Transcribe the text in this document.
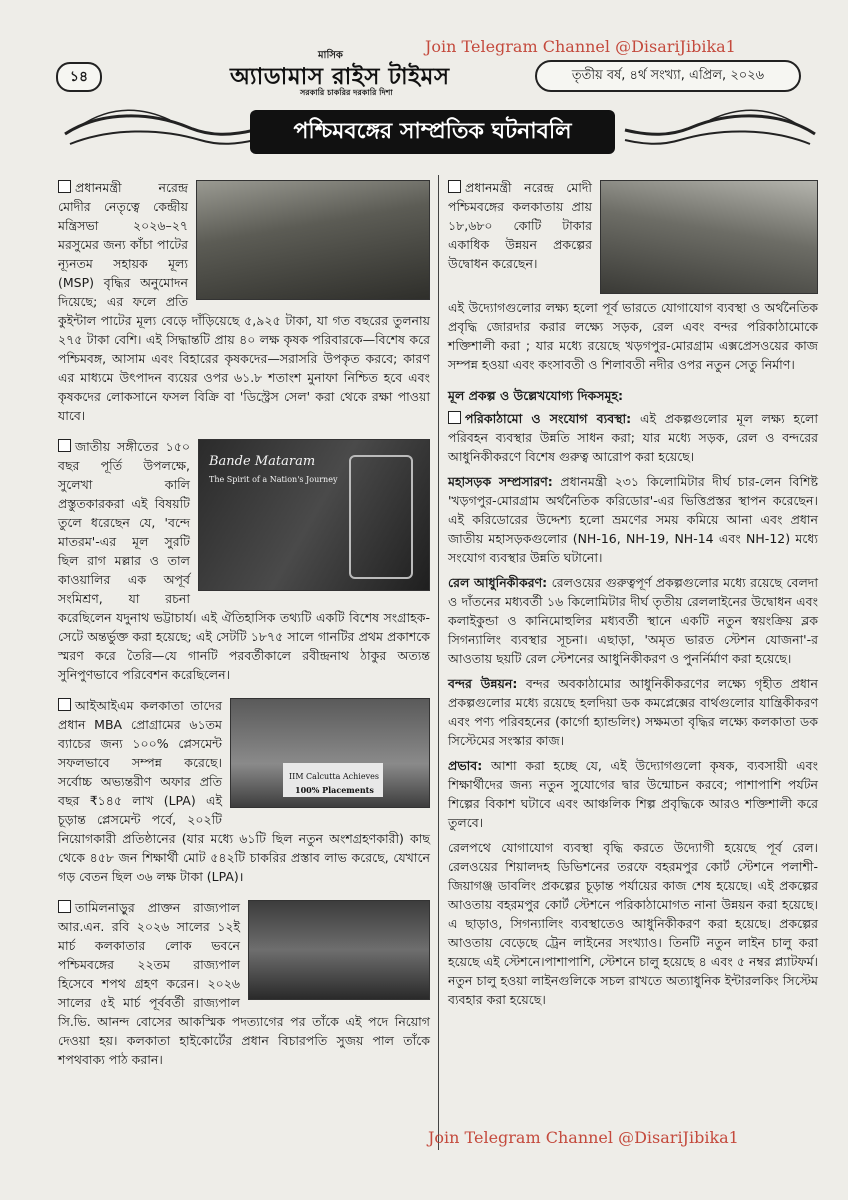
১৪
মাসিক
অ্যাডামাস রাইস টাইমস
সরকারি চাকরির দরকারি দিশা
Join Telegram Channel @DisariJibika1
তৃতীয় বর্ষ, ৪র্থ সংখ্যা, এপ্রিল, ২০২৬
পশ্চিমবঙ্গের সাম্প্রতিক ঘটনাবলি

প্রধানমন্ত্রী নরেন্দ্র মোদীর নেতৃত্বে কেন্দ্রীয় মন্ত্রিসভা ২০২৬–২৭ মরসুমের জন্য কাঁচা পাটের ন্যূনতম সহায়ক মূল্য (MSP) বৃদ্ধির অনুমোদন দিয়েছে; এর ফলে প্রতি কুইন্টাল পাটের মূল্য বেড়ে দাঁড়িয়েছে ৫,৯২৫ টাকা, যা গত বছরের তুলনায় ২৭৫ টাকা বেশি। এই সিদ্ধান্তটি প্রায় ৪০ লক্ষ কৃষক পরিবারকে—বিশেষ করে পশ্চিমবঙ্গ, আসাম এবং বিহারের কৃষকদের—সরাসরি উপকৃত করবে; কারণ এর মাধ্যমে উৎপাদন ব্যয়ের ওপর ৬১.৮ শতাংশ মুনাফা নিশ্চিত হবে এবং কৃষকদের লোকসানে ফসল বিক্রি বা 'ডিস্ট্রেস সেল' করা থেকে রক্ষা পাওয়া যাবে।

Bande Mataram
The Spirit of a Nation's Journey

জাতীয় সঙ্গীতের ১৫০ বছর পূর্তি উপলক্ষে, সুলেখা কালি প্রস্তুতকারকরা এই বিষয়টি তুলে ধরেছেন যে, 'বন্দে মাতরম'-এর মূল সুরটি ছিল রাগ মল্লার ও তাল কাওয়ালির এক অপূর্ব সংমিশ্রণ, যা রচনা করেছিলেন যদুনাথ ভট্টাচার্য। এই ঐতিহাসিক তথ্যটি একটি বিশেষ সংগ্রাহক-সেটে অন্তর্ভুক্ত করা হয়েছে; এই সেটটি ১৮৭৫ সালে গানটির প্রথম প্রকাশকে স্মরণ করে তৈরি—যে গানটি পরবর্তীকালে রবীন্দ্রনাথ ঠাকুর অত্যন্ত সুনিপুণভাবে পরিবেশন করেছিলেন।

IIM Calcutta Achieves
100% Placements

আইআইএম কলকাতা তাদের প্রধান MBA প্রোগ্রামের ৬১তম ব্যাচের জন্য ১০০% প্লেসমেন্ট সফলভাবে সম্পন্ন করেছে। সর্বোচ্চ অভ্যন্তরীণ অফার প্রতি বছর ₹১৪৫ লাখ (LPA) এই চূড়ান্ত প্লেসমেন্ট পর্বে, ২০২টি নিয়োগকারী প্রতিষ্ঠানের (যার মধ্যে ৬১টি ছিল নতুন অংশগ্রহণকারী) কাছ থেকে ৪৫৮ জন শিক্ষার্থী মোট ৫৪২টি চাকরির প্রস্তাব লাভ করেছে, যেখানে গড় বেতন ছিল ৩৬ লক্ষ টাকা (LPA)।

তামিলনাড়ুর প্রাক্তন রাজ্যপাল আর.এন. রবি ২০২৬ সালের ১২ই মার্চ কলকাতার লোক ভবনে পশ্চিমবঙ্গের ২২তম রাজ্যপাল হিসেবে শপথ গ্রহণ করেন। ২০২৬ সালের ৫ই মার্চ পূর্ববর্তী রাজ্যপাল সি.ভি. আনন্দ বোসের আকস্মিক পদত্যাগের পর তাঁকে এই পদে নিয়োগ দেওয়া হয়। কলকাতা হাইকোর্টের প্রধান বিচারপতি সুজয় পাল তাঁকে শপথবাক্য পাঠ করান।

প্রধানমন্ত্রী নরেন্দ্র মোদী পশ্চিমবঙ্গের কলকাতায় প্রায় ১৮,৬৮০ কোটি টাকার একাধিক উন্নয়ন প্রকল্পের উদ্বোধন করেছেন।

এই উদ্যোগগুলোর লক্ষ্য হলো পূর্ব ভারতে যোগাযোগ ব্যবস্থা ও অর্থনৈতিক প্রবৃদ্ধি জোরদার করার লক্ষ্যে সড়ক, রেল এবং বন্দর পরিকাঠামোকে শক্তিশালী করা ; যার মধ্যে রয়েছে খড়গপুর-মোরগ্রাম এক্সপ্রেসওয়ের কাজ সম্পন্ন হওয়া এবং কংসাবতী ও শিলাবতী নদীর ওপর নতুন সেতু নির্মাণ।

মূল প্রকল্প ও উল্লেখযোগ্য দিকসমূহ:

পরিকাঠামো ও সংযোগ ব্যবস্থা: এই প্রকল্পগুলোর মূল লক্ষ্য হলো পরিবহন ব্যবস্থার উন্নতি সাধন করা; যার মধ্যে সড়ক, রেল ও বন্দরের আধুনিকীকরণে বিশেষ গুরুত্ব আরোপ করা হয়েছে।

মহাসড়ক সম্প্রসারণ: প্রধানমন্ত্রী ২৩১ কিলোমিটার দীর্ঘ চার-লেন বিশিষ্ট 'খড়গপুর-মোরগ্রাম অর্থনৈতিক করিডোর'-এর ভিত্তিপ্রস্তর স্থাপন করেছেন। এই করিডোরের উদ্দেশ্য হলো ভ্রমণের সময় কমিয়ে আনা এবং প্রধান জাতীয় মহাসড়কগুলোর (NH-16, NH-19, NH-14 এবং NH-12) মধ্যে সংযোগ ব্যবস্থার উন্নতি ঘটানো।

রেল আধুনিকীকরণ: রেলওয়ের গুরুত্বপূর্ণ প্রকল্পগুলোর মধ্যে রয়েছে বেলদা ও দাঁতনের মধ্যবর্তী ১৬ কিলোমিটার দীর্ঘ তৃতীয় রেললাইনের উদ্বোধন এবং কলাইকুন্ডা ও কানিমোহুলির মধ্যবর্তী স্থানে একটি নতুন স্বয়ংক্রিয় ব্লক সিগন্যালিং ব্যবস্থার সূচনা। এছাড়া, 'অমৃত ভারত স্টেশন যোজনা'-র আওতায় ছয়টি রেল স্টেশনের আধুনিকীকরণ ও পুনর্নির্মাণ করা হয়েছে।

বন্দর উন্নয়ন: বন্দর অবকাঠামোর আধুনিকীকরণের লক্ষ্যে গৃহীত প্রধান প্রকল্পগুলোর মধ্যে রয়েছে হলদিয়া ডক কমপ্লেক্সের বার্থগুলোর যান্ত্রিকীকরণ এবং পণ্য পরিবহনের (কার্গো হ্যান্ডলিং) সক্ষমতা বৃদ্ধির লক্ষ্যে কলকাতা ডক সিস্টেমের সংস্কার কাজ।

প্রভাব: আশা করা হচ্ছে যে, এই উদ্যোগগুলো কৃষক, ব্যবসায়ী এবং শিক্ষার্থীদের জন্য নতুন সুযোগের দ্বার উন্মোচন করবে; পাশাপাশি পর্যটন শিল্পের বিকাশ ঘটাবে এবং আঞ্চলিক শিল্প প্রবৃদ্ধিকে আরও শক্তিশালী করে তুলবে।

রেলপথে যোগাযোগ ব্যবস্থা বৃদ্ধি করতে উদ্যোগী হয়েছে পূর্ব রেল। রেলওয়ের শিয়ালদহ ডিভিশনের তরফে বহরমপুর কোর্ট স্টেশনে পলাশী-জিয়াগঞ্জ ডাবলিং প্রকল্পের চূড়ান্ত পর্যায়ের কাজ শেষ হয়েছে। এই প্রকল্পের আওতায় বহরমপুর কোর্ট স্টেশনে পরিকাঠামোগত নানা উন্নয়ন করা হয়েছে। এ ছাড়াও, সিগন্যালিং ব্যবস্থাতেও আধুনিকীকরণ করা হয়েছে। প্রকল্পের আওতায় বেড়েছে ট্রেন লাইনের সংখ্যাও। তিনটি নতুন লাইন চালু করা হয়েছে এই স্টেশনে।পাশাপাশি, স্টেশনে চালু হয়েছে ৪ এবং ৫ নম্বর প্ল্যাটফর্ম। নতুন চালু হওয়া লাইনগুলিকে সচল রাখতে অত্যাধুনিক ইন্টারলকিং সিস্টেম ব্যবহার করা হয়েছে।

Join Telegram Channel @DisariJibika1
